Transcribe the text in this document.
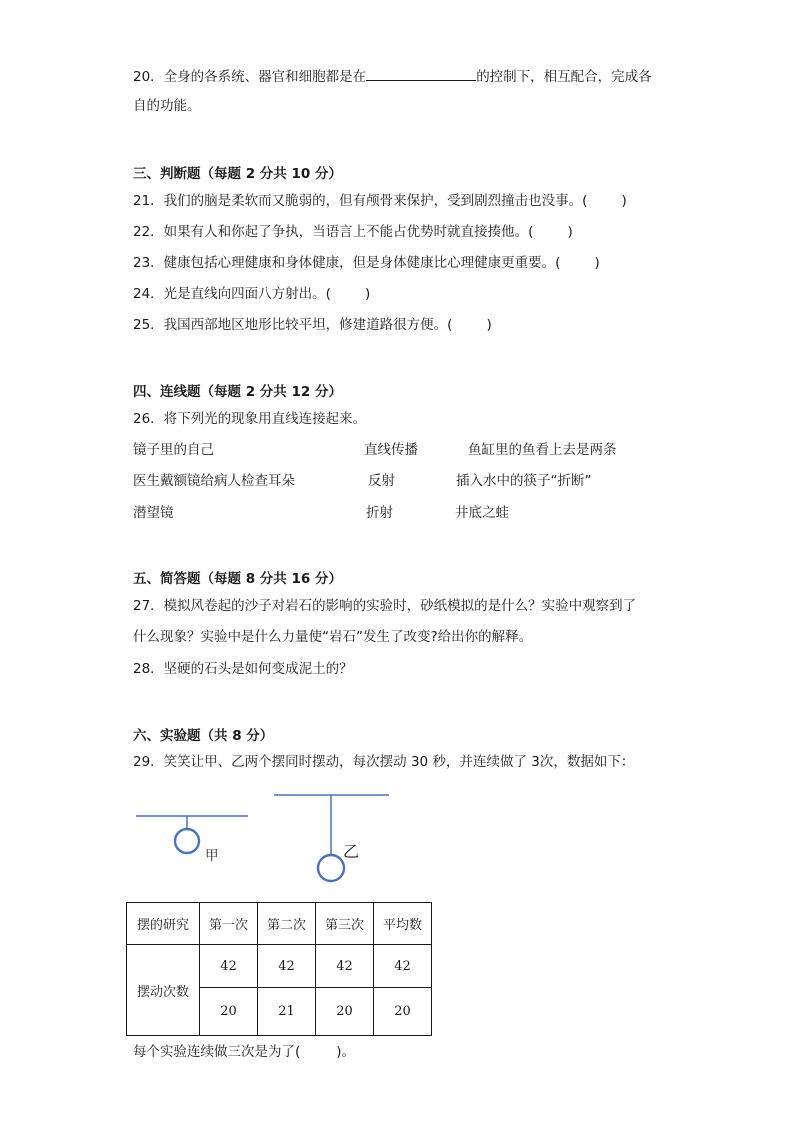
20．全身的各系统、器官和细胞都是在	的控制下，相互配合，完成各
自的功能。
三、判断题（每题 2 分共 10 分）
21．我们的脑是柔软而又脆弱的，但有颅骨来保护，受到剧烈撞击也没事。(	)
22．如果有人和你起了争执，当语言上不能占优势时就直接揍他。(	)
23．健康包括心理健康和身体健康，但是身体健康比心理健康更重要。(	)
24．光是直线向四面八方射出。(	)
25．我国西部地区地形比较平坦，修建道路很方便。(	)
四、连线题（每题 2 分共 12 分）
26．将下列光的现象用直线连接起来。
镜子里的自己	直线传播	鱼缸里的鱼看上去是两条
医生戴额镜给病人检查耳朵	反射	插入水中的筷子“折断”
潜望镜	折射	井底之蛙
五、简答题（每题 8 分共 16 分）
27．模拟风卷起的沙子对岩石的影响的实验时，砂纸模拟的是什么？实验中观察到了
什么现象？实验中是什么力量使“岩石”发生了改变?给出你的解释。
28．坚硬的石头是如何变成泥土的？
六、实验题（共 8 分）
29．笑笑让甲、乙两个摆同时摆动，每次摆动 30 秒，并连续做了 3次，数据如下：
甲	乙
摆的研究	第一次	第二次	第三次	平均数
摆动次数	42	42	42	42
	20	21	20	20
每个实验连续做三次是为了(	)。
